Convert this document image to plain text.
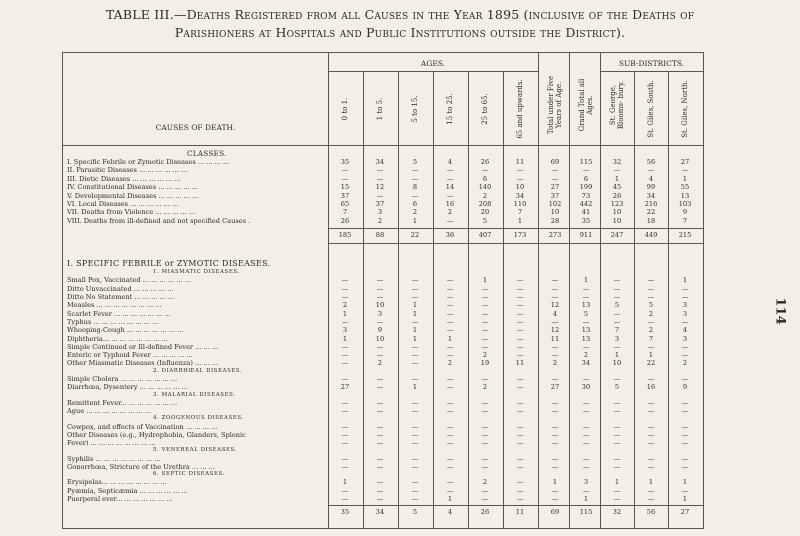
TABLE III.—Deaths Registered from all Causes in the Year 1895 (inclusive of the Deaths of
Parishioners at Hospitals and Public Institutions outside the District).
114
CAUSES OF DEATH.
AGES.	SUB-DISTRICTS.
0 to 1.	1 to 5.	5 to 15.	15 to 25.	25 to 65.	65 and upwards.	Total under Five Years of Age.	Grand Total all Ages.	St. George, Blooms- bury.	St. Giles, South.	St. Giles, North.
CLASSES.
I. Specific Febrile or Zymotic Diseases ... ... ... ...	35	34	5	4	26	11	69	115	32	56	27
II. Parasitic Diseases ... ... ... ... ... ...	—	—	—	—	—	—	—	—	—	—	—
III. Dietic Diseases ... ... ... ... ... ...	—	—	—	—	6	—	—	6	1	4	1
IV. Constitutional Diseases ... ... ... ... ...	15	12	8	14	140	10	27	199	45	99	55
V. Developmental Diseases ... ... ... ... ...	37	—	—	—	2	34	37	73	26	34	13
VI. Local Diseases ... ... ... ... ... ...	65	37	6	16	208	110	102	442	123	216	103
VII. Deaths from Violence ... ... ... ... ...	7	3	2	2	20	7	10	41	10	22	9
VIII. Deaths from ill-defined and not specified Causes .	26	2	1	—	5	1	28	35	10	18	7
185	88	22	36	407	173	273	911	247	449	215
I. SPECIFIC FEBRILE or ZYMOTIC DISEASES.
1. MIASMATIC DISEASES.
Small Pox, Vaccinated ... ... ... ... ... ...	—	—	—	—	1	—	—	1	—	—	1
Ditto Unvaccinated ... ... ... ... ...	—	—	—	—	—	—	—	—	—	—	—
Ditto No Statement ... ... ... ... ...	—	—	—	—	—	—	—	—	—	—	—
Measles ... ... ... ... ... ... ... ...	2	10	1	—	—	—	12	13	5	5	3
Scarlet Fever ... ... ... ... ... ... ...	1	3	1	—	—	—	4	5	—	2	3
Typhus ... ... ... ... ... ... ... ...	—	—	—	—	—	—	—	—	—	—	—
Whooping-Cough ... ... ... ... ... ... ...	3	9	1	—	—	—	12	13	7	2	4
Diphtheria... ... ... ... ... ... ... ...	1	10	1	1	—	—	11	13	3	7	3
Simple Continued or Ill-defined Fever ... ... ...	—	—	—	—	—	—	—	—	—	—	—
Enteric or Typhoid Fever ... ... ... ... ...	—	—	—	—	2	—	—	2	1	1	—
Other Miasmatic Diseases (Influenza) ... ... ...	—	2	—	2	19	11	2	34	10	22	2
2. DIARRHŒAL DISEASES.
Simple Cholera ... ... ... ... ... ... ...	—	—	—	—	—	—	—	—	—	—	—
Diarrhœa, Dysentery ... ... ... ... ... ...	27	—	1	—	2	—	27	30	5	16	9
3. MALARIAL DISEASES.
Remittent Fever... ... ... ... ... ... ...	—	—	—	—	—	—	—	—	—	—	—
Ague ... ... ... ... ... ... ... ...	—	—	—	—	—	—	—	—	—	—	—
4. ZOOGENOUS DISEASES.
Cowpox, and effects of Vaccination ... ... ... ...	—	—	—	—	—	—	—	—	—	—	—
Other Diseases (e.g., Hydrophobia, Glanders, Splenic	—	—	—	—	—	—	—	—	—	—	—
Fever) ... ... ... ... ... ... ... ...	—	—	—	—	—	—	—	—	—	—	—
5. VENEREAL DISEASES.
Syphilis ... ... ... ... ... ... ... ...	—	—	—	—	—	—	—	—	—	—	—
Gonorrhœa, Stricture of the Urethra ... ... ...	—	—	—	—	—	—	—	—	—	—	—
6. SEPTIC DISEASES.
Erysipelas... ... ... ... ... ... ... ...	1	—	—	—	2	—	1	3	1	1	1
Pyæmia, Septicæmia ... ... ... ... ... ...	—	—	—	—	—	—	—	—	—	—	—
Puerperal ever... ... ... ... ... ... ...	—	—	—	1	—	—	—	1	—	—	1
35	34	5	4	26	11	69	115	32	56	27
